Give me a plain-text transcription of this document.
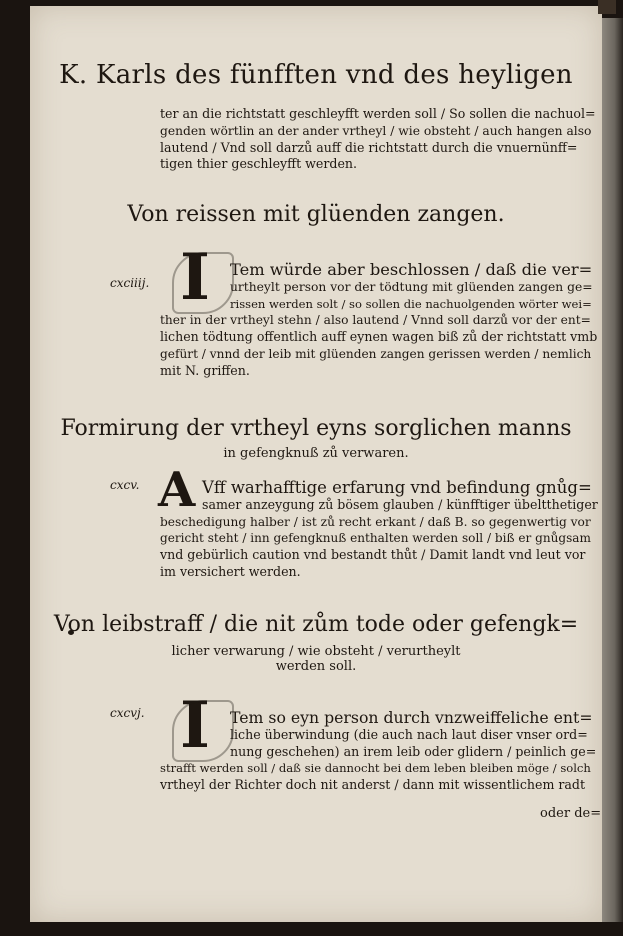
K. Karls des fünfften vnd des heyligen
ter an die richtstatt geschleyfft werden soll / So sollen die nachuol=
genden wörtlin an der ander vrtheyl / wie obsteht / auch hangen also
lautend / Vnd soll darzů auff die richtstatt durch die vnuernünff=
tigen thier geschleyfft werden.
Von reissen mit glüenden zangen.
cxciiij. I Tem würde aber beschlossen / daß die ver=
urtheylt person vor der tödtung mit glüenden zangen ge=
rissen werden solt / so sollen die nachuolgenden wörter wei=
ther in der vrtheyl stehn / also lautend / Vnnd soll darzů vor der ent=
lichen tödtung offentlich auff eynen wagen biß zů der richtstatt vmb
gefürt / vnnd der leib mit glüenden zangen gerissen werden / nemlich
mit N. griffen.
Formirung der vrtheyl eyns sorglichen manns
in gefengknuß zů verwaren.
cxcv. A Vff warhafftige erfarung vnd befindung gnůg=
samer anzeygung zů bösem glauben / künfftiger übeltthetiger
beschedigung halber / ist zů recht erkant / daß B. so gegenwertig vor
gericht steht / inn gefengknuß enthalten werden soll / biß er gnůgsam
vnd gebürlich caution vnd bestandt thůt / Damit landt vnd leut vor
im versichert werden.
Von leibstraff / die nit zům tode oder gefengk=
licher verwarung / wie obsteht / verurtheylt werden soll.
cxcvj. I Tem so eyn person durch vnzweiffeliche ent=
liche überwindung (die auch nach laut diser vnser ord=
nung geschehen) an irem leib oder glidern / peinlich ge=
strafft werden soll / daß sie dannocht bei dem leben bleiben möge / solch
vrtheyl der Richter doch nit anderst / dann mit wissentlichem radt
oder de=
